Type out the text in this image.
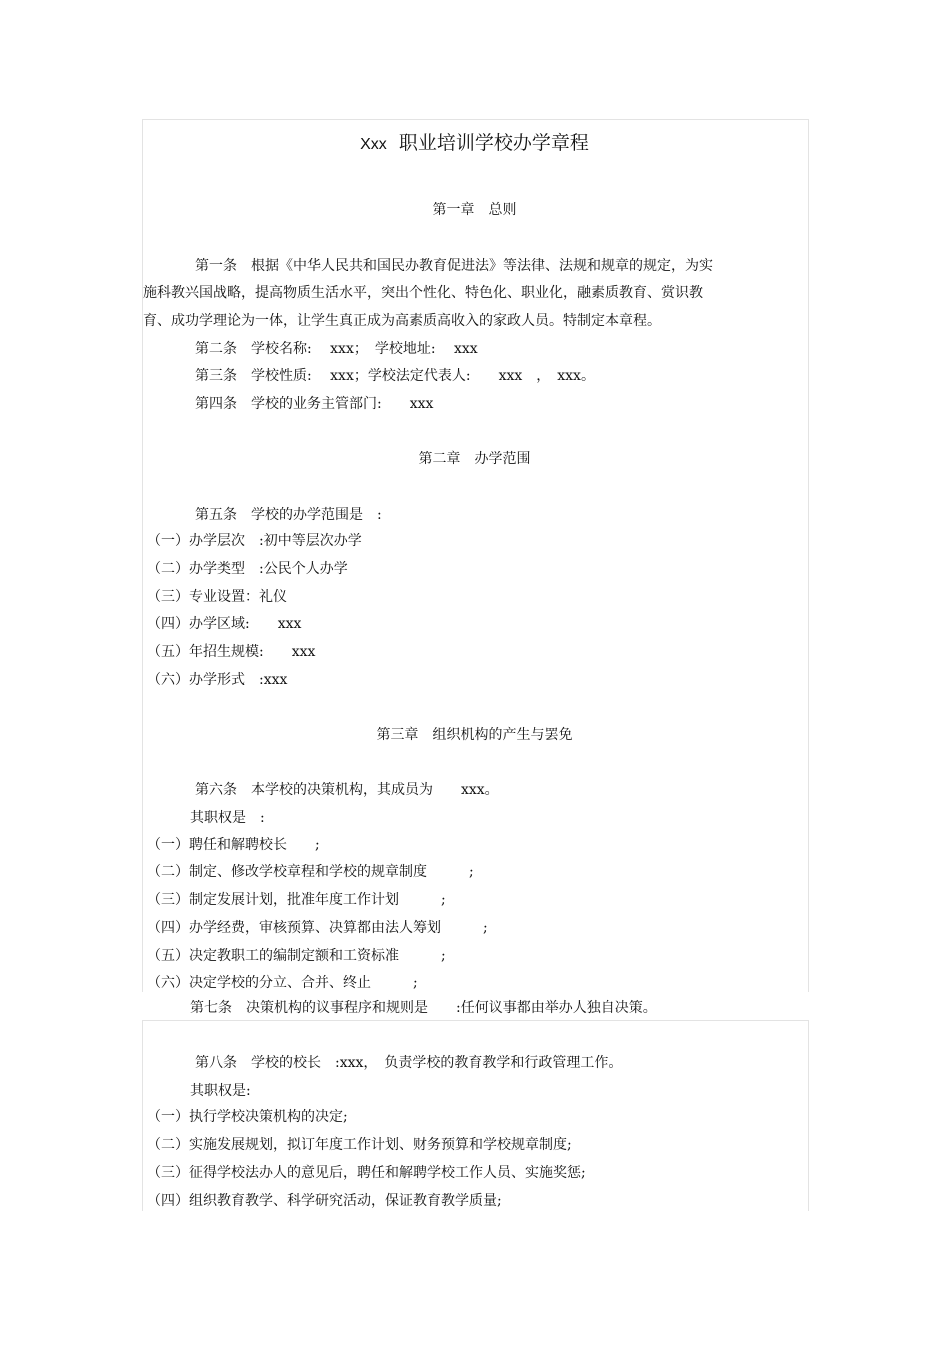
Xxx 职业培训学校办学章程
第一章　总则
第一条　根据《中华人民共和国民办教育促进法》等法律、法规和规章的规定，为实
施科教兴国战略，提高物质生活水平，突出个性化、特色化、职业化，融素质教育、赏识教
育、成功学理论为一体，让学生真正成为高素质高收入的家政人员。特制定本章程。
第二条　学校名称:　 xxx；　学校地址:　 xxx
第三条　学校性质:　 xxx；学校法定代表人:　　xxx　，　xxx。
第四条　学校的业务主管部门:　　xxx
第二章　办学范围
第五条　学校的办学范围是　:
（一）办学层次　:初中等层次办学
（二）办学类型　:公民个人办学
（三）专业设置：礼仪
（四）办学区域:　　xxx
（五）年招生规模:　　xxx
（六）办学形式　:xxx
第三章　组织机构的产生与罢免
第六条　本学校的决策机构，其成员为　　xxx。
其职权是　:
（一）聘任和解聘校长　　;
（二）制定、修改学校章程和学校的规章制度　　　;
（三）制定发展计划，批准年度工作计划　　　;
（四）办学经费，审核预算、决算都由法人筹划　　　;
（五）决定教职工的编制定额和工资标准　　　;
（六）决定学校的分立、合并、终止　　　;
第七条　决策机构的议事程序和规则是　　:任何议事都由举办人独自决策。
第八条　学校的校长　:xxx，　负责学校的教育教学和行政管理工作。
其职权是:
（一）执行学校决策机构的决定;
（二）实施发展规划，拟订年度工作计划、财务预算和学校规章制度;
（三）征得学校法办人的意见后，聘任和解聘学校工作人员、实施奖惩;
（四）组织教育教学、科学研究活动，保证教育教学质量;
